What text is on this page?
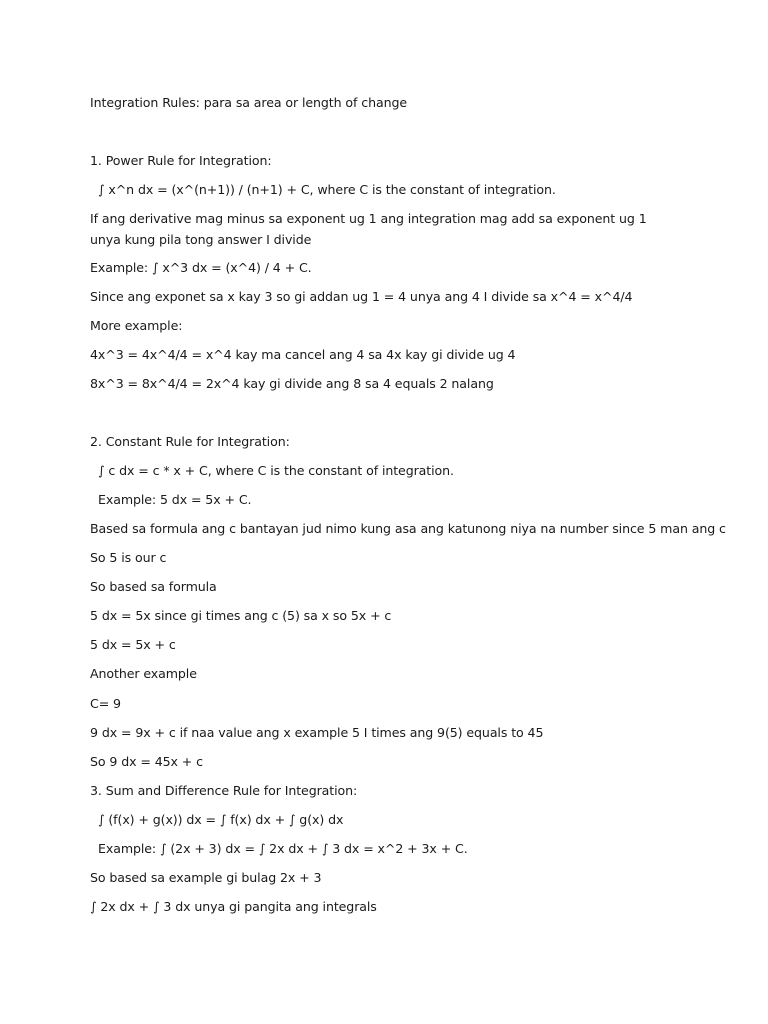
Integration Rules: para sa area or length of change
1. Power Rule for Integration:
∫ x^n dx = (x^(n+1)) / (n+1) + C, where C is the constant of integration.
If ang derivative mag minus sa exponent ug 1 ang integration mag add sa exponent ug 1 unya kung pila tong answer I divide
Example: ∫ x^3 dx = (x^4) / 4 + C.
Since ang exponet sa x kay 3 so gi addan ug 1 = 4 unya ang 4 I divide sa x^4 = x^4/4
More example:
4x^3 = 4x^4/4 = x^4 kay ma cancel ang 4 sa 4x kay gi divide ug 4
8x^3 = 8x^4/4 = 2x^4 kay gi divide ang 8 sa 4 equals 2 nalang
2. Constant Rule for Integration:
∫ c dx = c * x + C, where C is the constant of integration.
Example: 5 dx = 5x + C.
Based sa formula ang c bantayan jud nimo kung asa ang katunong niya na number since 5 man ang c
So 5 is our c
So based sa formula
5 dx = 5x since gi times ang c (5) sa x so 5x + c
5 dx = 5x + c
Another example
C= 9
9 dx = 9x + c if naa value ang x example 5 I times ang 9(5) equals to 45
So 9 dx = 45x + c
3. Sum and Difference Rule for Integration:
∫ (f(x) + g(x)) dx = ∫ f(x) dx + ∫ g(x) dx
Example: ∫ (2x + 3) dx = ∫ 2x dx + ∫ 3 dx = x^2 + 3x + C.
So based sa example gi bulag 2x + 3
∫ 2x dx + ∫ 3 dx unya gi pangita ang integrals
